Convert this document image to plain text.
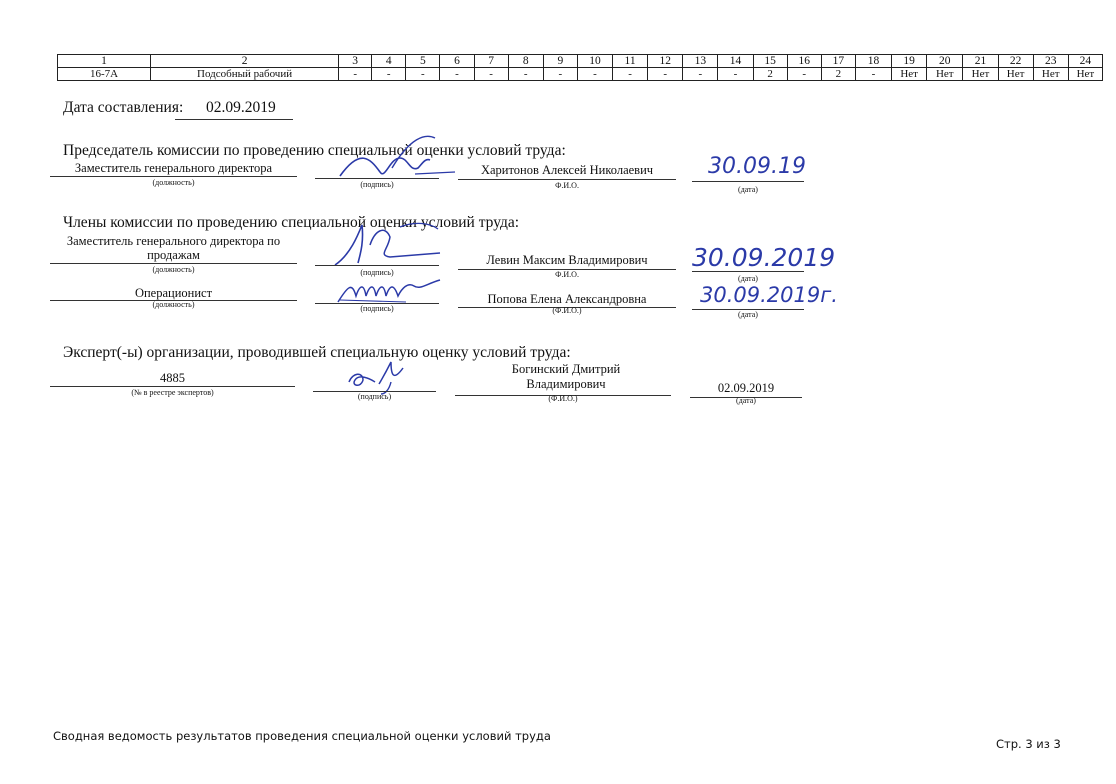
1	2	3	4	5	6	7	8	9	10	11	12	13	14	15	16	17	18	19	20	21	22	23	24
16-7А	Подсобный рабочий	-	-	-	-	-	-	-	-	-	-	-	-	2	-	2	-	Нет	Нет	Нет	Нет	Нет	Нет
Дата составления: 02.09.2019
Председатель комиссии по проведению специальной оценки условий труда:
Заместитель генерального директора
(должность)	(подпись)
Харитонов Алексей Николаевич
Ф.И.О.
30.09.19
(дата)
Члены комиссии по проведению специальной оценки условий труда:
Заместитель генерального директора по продажам
(должность)	(подпись)
Левин Максим Владимирович
Ф.И.О.
30.09.2019
(дата)
Операционист
(должность)	(подпись)
Попова Елена Александровна
(Ф.И.О.)
30.09.2019г.
(дата)
Эксперт(-ы) организации, проводившей специальную оценку условий труда:
4885
(№ в реестре экспертов)	(подпись)
Богинский Дмитрий Владимирович
(Ф.И.О.)
02.09.2019
(дата)
Сводная ведомость результатов проведения специальной оценки условий труда
Стр. 3 из 3
